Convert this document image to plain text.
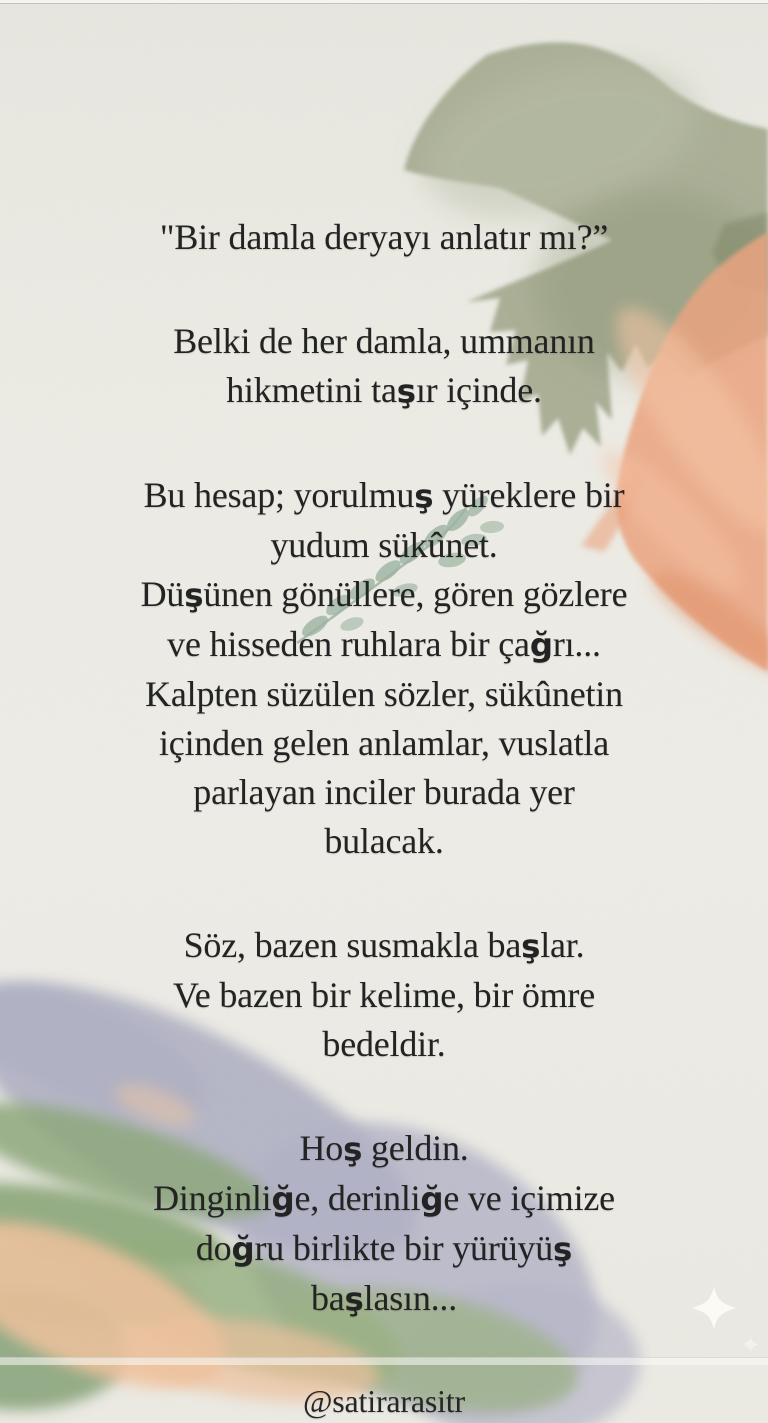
"Bir damla deryayı anlatır mı?”
Belki de her damla, ummanın
hikmetini taşır içinde.
Bu hesap; yorulmuş yüreklere bir
yudum sükûnet.
Düşünen gönüllere, gören gözlere
ve hisseden ruhlara bir çağrı...
Kalpten süzülen sözler, sükûnetin
içinden gelen anlamlar, vuslatla
parlayan inciler burada yer
bulacak.
Söz, bazen susmakla başlar.
Ve bazen bir kelime, bir ömre
bedeldir.
Hoş geldin.
Dinginliğe, derinliğe ve içimize
doğru birlikte bir yürüyüş
başlasın...
@satirarasitr
